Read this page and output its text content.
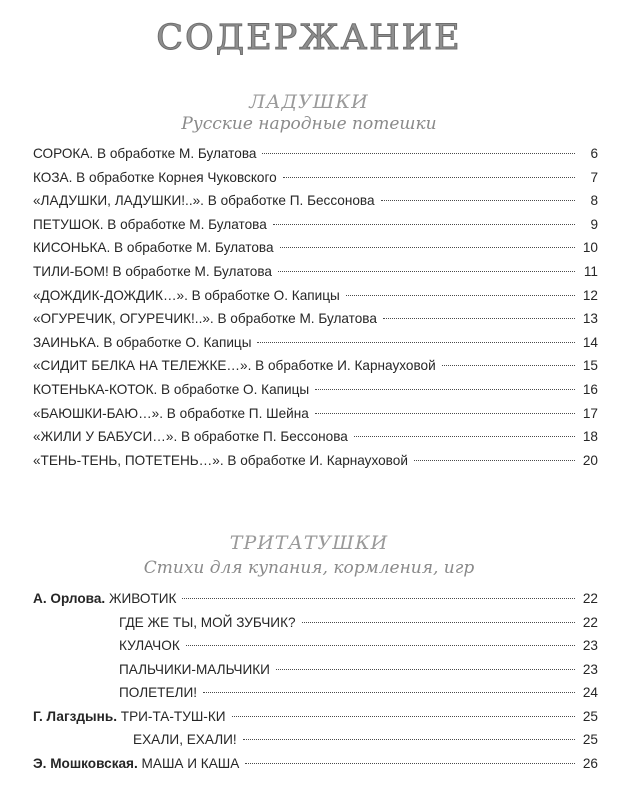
СОДЕРЖАНИЕ
ЛАДУШКИ
Русские народные потешки
СОРОКА. В обработке М. Булатова	6
КОЗА. В обработке Корнея Чуковского	7
«ЛАДУШКИ, ЛАДУШКИ!..». В обработке П. Бессонова	8
ПЕТУШОК. В обработке М. Булатова	9
КИСОНЬКА. В обработке М. Булатова	10
ТИЛИ-БОМ! В обработке М. Булатова	11
«ДОЖДИК-ДОЖДИК…». В обработке О. Капицы	12
«ОГУРЕЧИК, ОГУРЕЧИК!..». В обработке М. Булатова	13
ЗАИНЬКА. В обработке О. Капицы	14
«СИДИТ БЕЛКА НА ТЕЛЕЖКЕ…». В обработке И. Карнауховой	15
КОТЕНЬКА-КОТОК. В обработке О. Капицы	16
«БАЮШКИ-БАЮ…». В обработке П. Шейна	17
«ЖИЛИ У БАБУСИ…». В обработке П. Бессонова	18
«ТЕНЬ-ТЕНЬ, ПОТЕТЕНЬ…». В обработке И. Карнауховой	20
ТРИТАТУШКИ
Стихи для купания, кормления, игр
А. Орлова. ЖИВОТИК	22
ГДЕ ЖЕ ТЫ, МОЙ ЗУБЧИК?	22
КУЛАЧОК	23
ПАЛЬЧИКИ-МАЛЬЧИКИ	23
ПОЛЕТЕЛИ!	24
Г. Лагздынь. ТРИ-ТА-ТУШ-КИ	25
ЕХАЛИ, ЕХАЛИ!	25
Э. Мошковская. МАША И КАША	26
